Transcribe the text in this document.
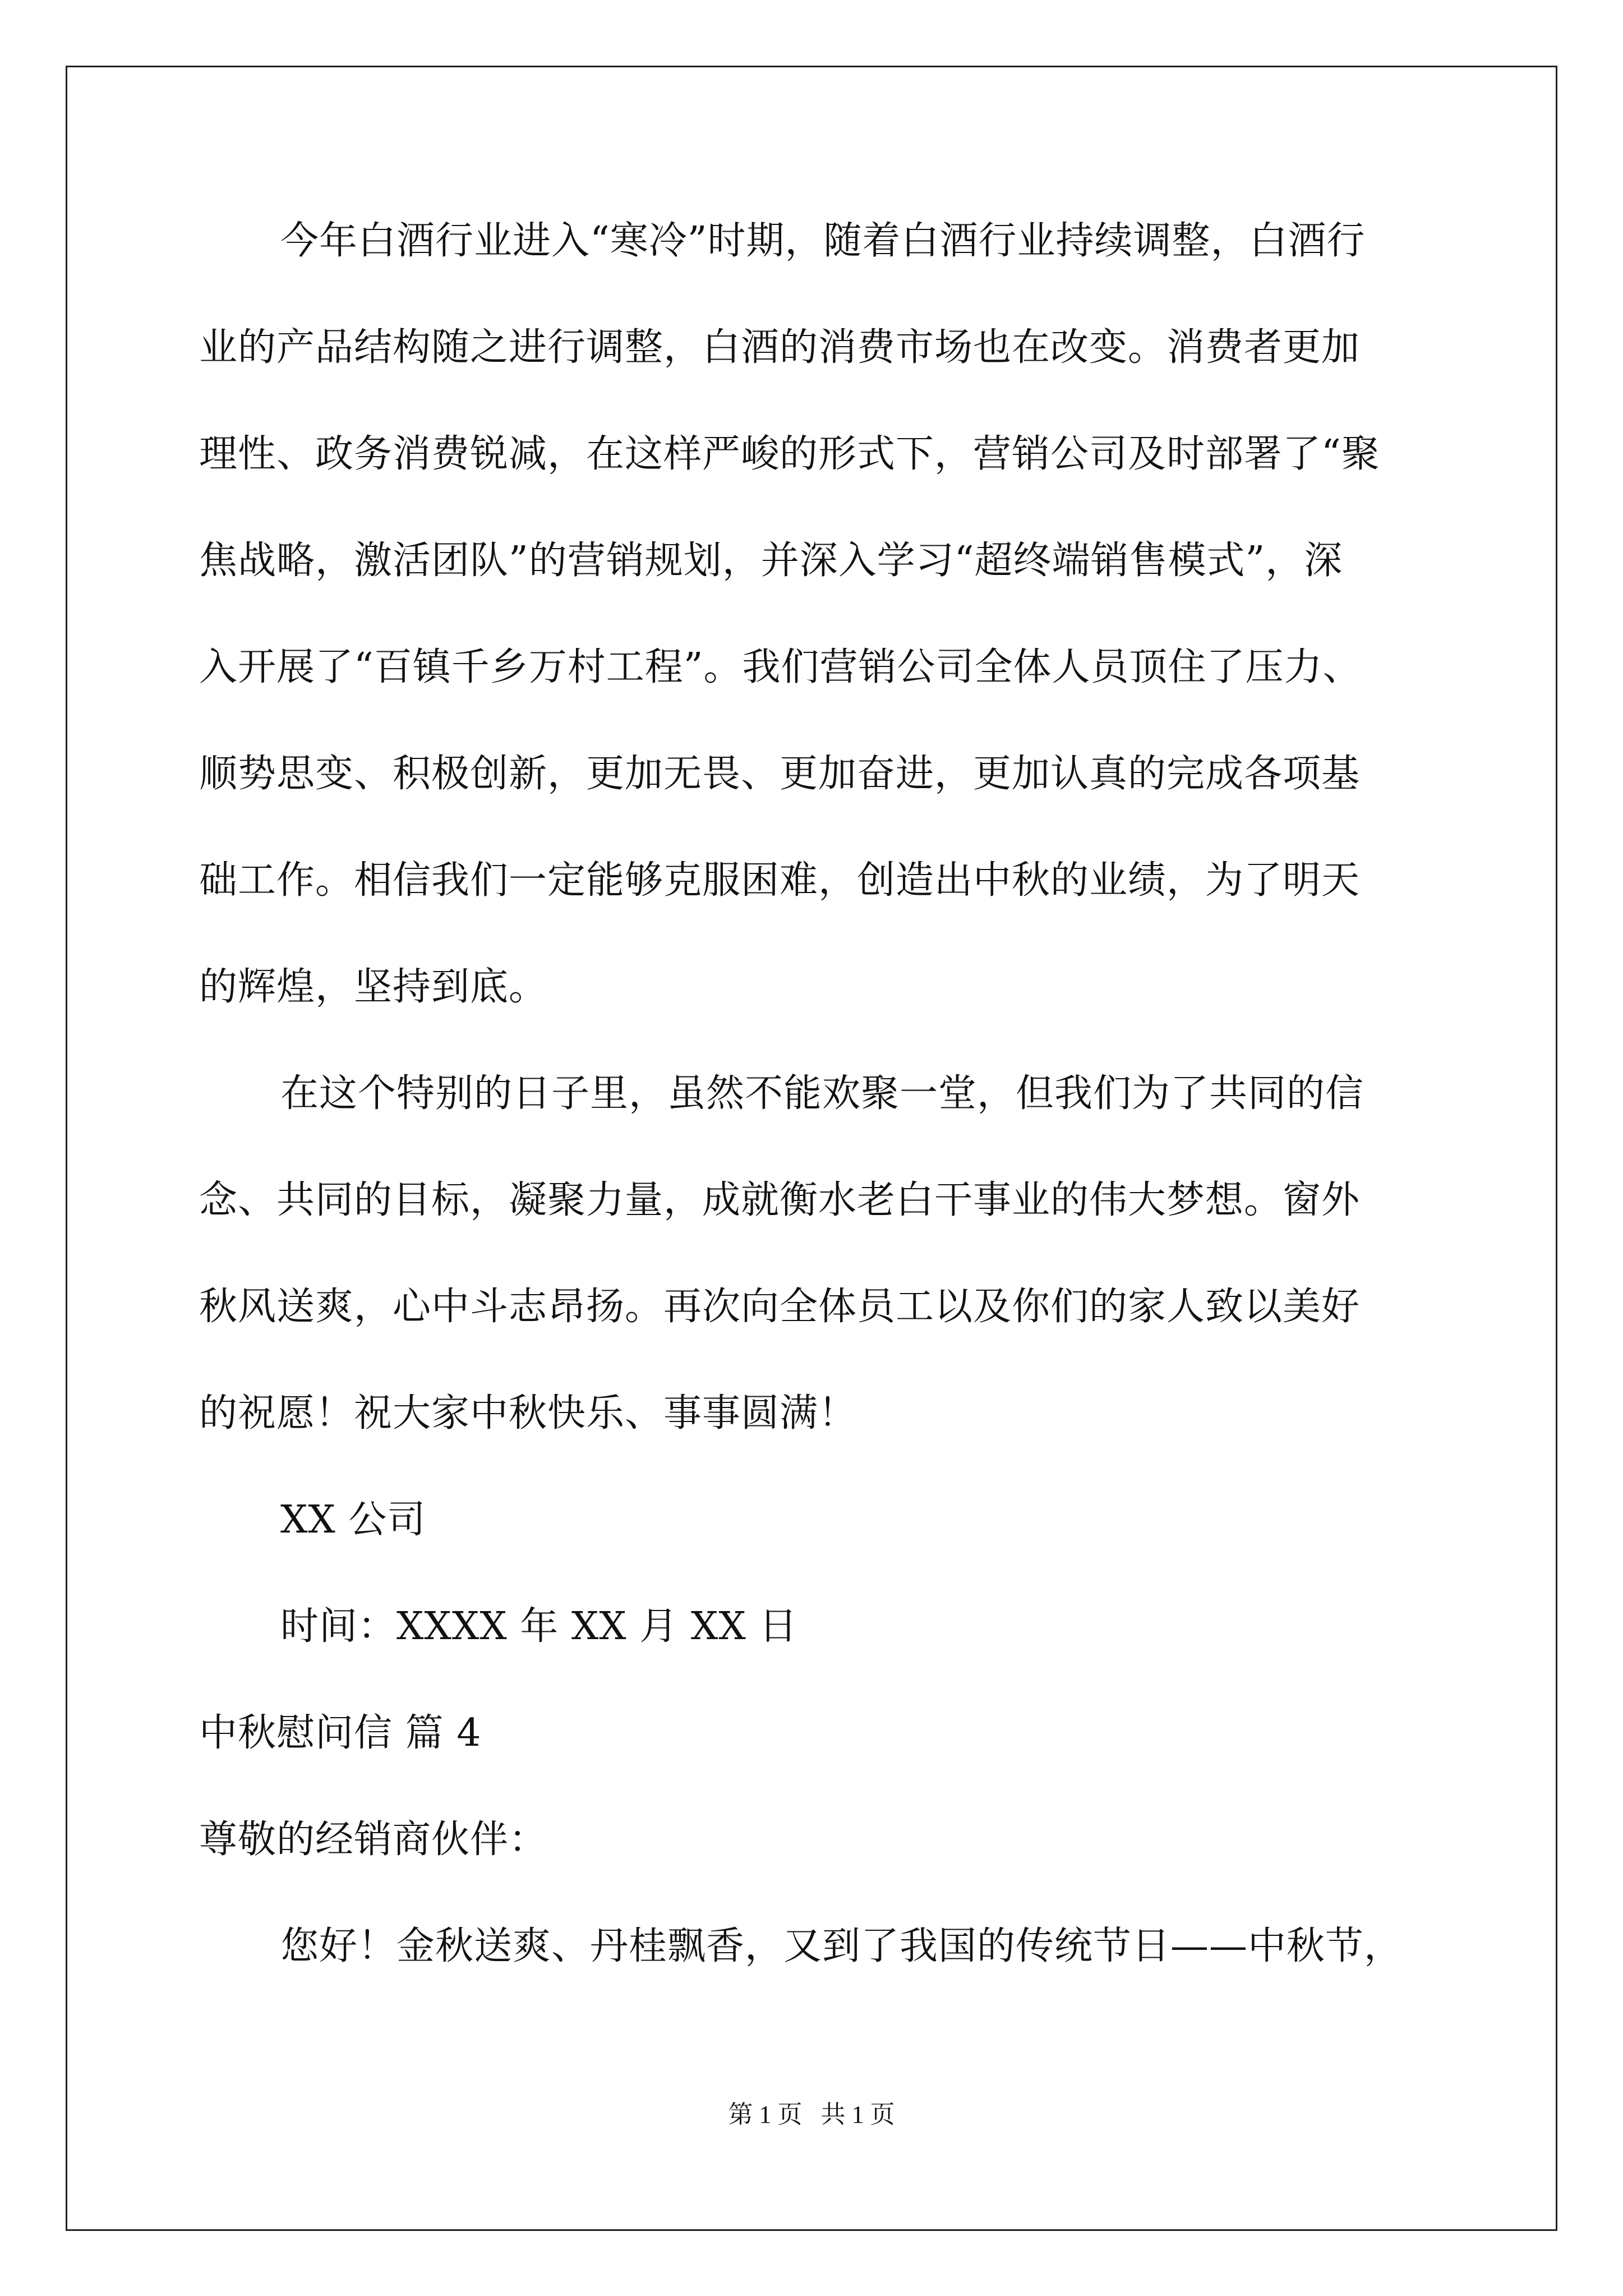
今年白酒行业进入“寒冷”时期，随着白酒行业持续调整，白酒行
业的产品结构随之进行调整，白酒的消费市场也在改变。消费者更加
理性、政务消费锐减，在这样严峻的形式下，营销公司及时部署了“聚
焦战略，激活团队”的营销规划，并深入学习“超终端销售模式”，深
入开展了“百镇千乡万村工程”。我们营销公司全体人员顶住了压力、
顺势思变、积极创新，更加无畏、更加奋进，更加认真的完成各项基
础工作。相信我们一定能够克服困难，创造出中秋的业绩，为了明天
的辉煌，坚持到底。
在这个特别的日子里，虽然不能欢聚一堂，但我们为了共同的信
念、共同的目标，凝聚力量，成就衡水老白干事业的伟大梦想。窗外
秋风送爽，心中斗志昂扬。再次向全体员工以及你们的家人致以美好
的祝愿！祝大家中秋快乐、事事圆满！
XX 公司
时间：XXXX 年 XX 月 XX 日
中秋慰问信 篇 4
尊敬的经销商伙伴：
您好！金秋送爽、丹桂飘香，又到了我国的传统节日——中秋节，
第 1 页   共 1 页
